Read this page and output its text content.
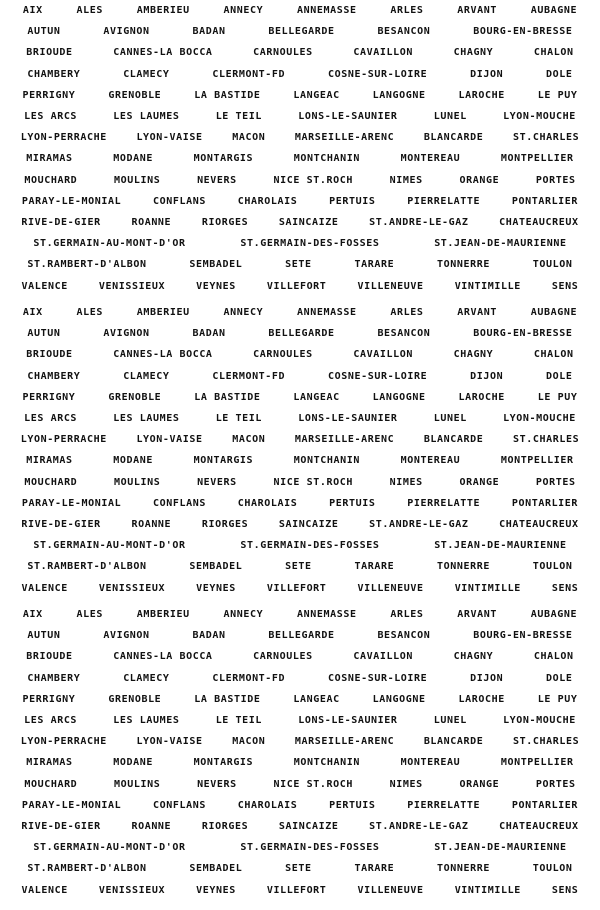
AIX	ALES	AMBERIEU	ANNECY	ANNEMASSE	ARLES	ARVANT	AUBAGNE
AUTUN	AVIGNON	BADAN	BELLEGARDE	BESANCON	BOURG-EN-BRESSE
BRIOUDE	CANNES-LA BOCCA	CARNOULES	CAVAILLON	CHAGNY	CHALON
CHAMBERY	CLAMECY	CLERMONT-FD	COSNE-SUR-LOIRE	DIJON	DOLE
PERRIGNY	GRENOBLE	LA BASTIDE	LANGEAC	LANGOGNE	LAROCHE	LE PUY
LES ARCS	LES LAUMES	LE TEIL	LONS-LE-SAUNIER	LUNEL	LYON-MOUCHE
LYON-PERRACHE	LYON-VAISE	MACON	MARSEILLE-ARENC	BLANCARDE	ST.CHARLES
MIRAMAS	MODANE	MONTARGIS	MONTCHANIN	MONTEREAU	MONTPELLIER
MOUCHARD	MOULINS	NEVERS	NICE ST.ROCH	NIMES	ORANGE	PORTES
PARAY-LE-MONIAL	CONFLANS	CHAROLAIS	PERTUIS	PIERRELATTE	PONTARLIER
RIVE-DE-GIER	ROANNE	RIORGES	SAINCAIZE	ST.ANDRE-LE-GAZ	CHATEAUCREUX
ST.GERMAIN-AU-MONT-D'OR	ST.GERMAIN-DES-FOSSES	ST.JEAN-DE-MAURIENNE
ST.RAMBERT-D'ALBON	SEMBADEL	SETE	TARARE	TONNERRE	TOULON
VALENCE	VENISSIEUX	VEYNES	VILLEFORT	VILLENEUVE	VINTIMILLE	SENS
AIX	ALES	AMBERIEU	ANNECY	ANNEMASSE	ARLES	ARVANT	AUBAGNE
AUTUN	AVIGNON	BADAN	BELLEGARDE	BESANCON	BOURG-EN-BRESSE
BRIOUDE	CANNES-LA BOCCA	CARNOULES	CAVAILLON	CHAGNY	CHALON
CHAMBERY	CLAMECY	CLERMONT-FD	COSNE-SUR-LOIRE	DIJON	DOLE
PERRIGNY	GRENOBLE	LA BASTIDE	LANGEAC	LANGOGNE	LAROCHE	LE PUY
LES ARCS	LES LAUMES	LE TEIL	LONS-LE-SAUNIER	LUNEL	LYON-MOUCHE
LYON-PERRACHE	LYON-VAISE	MACON	MARSEILLE-ARENC	BLANCARDE	ST.CHARLES
MIRAMAS	MODANE	MONTARGIS	MONTCHANIN	MONTEREAU	MONTPELLIER
MOUCHARD	MOULINS	NEVERS	NICE ST.ROCH	NIMES	ORANGE	PORTES
PARAY-LE-MONIAL	CONFLANS	CHAROLAIS	PERTUIS	PIERRELATTE	PONTARLIER
RIVE-DE-GIER	ROANNE	RIORGES	SAINCAIZE	ST.ANDRE-LE-GAZ	CHATEAUCREUX
ST.GERMAIN-AU-MONT-D'OR	ST.GERMAIN-DES-FOSSES	ST.JEAN-DE-MAURIENNE
ST.RAMBERT-D'ALBON	SEMBADEL	SETE	TARARE	TONNERRE	TOULON
VALENCE	VENISSIEUX	VEYNES	VILLEFORT	VILLENEUVE	VINTIMILLE	SENS
AIX	ALES	AMBERIEU	ANNECY	ANNEMASSE	ARLES	ARVANT	AUBAGNE
AUTUN	AVIGNON	BADAN	BELLEGARDE	BESANCON	BOURG-EN-BRESSE
BRIOUDE	CANNES-LA BOCCA	CARNOULES	CAVAILLON	CHAGNY	CHALON
CHAMBERY	CLAMECY	CLERMONT-FD	COSNE-SUR-LOIRE	DIJON	DOLE
PERRIGNY	GRENOBLE	LA BASTIDE	LANGEAC	LANGOGNE	LAROCHE	LE PUY
LES ARCS	LES LAUMES	LE TEIL	LONS-LE-SAUNIER	LUNEL	LYON-MOUCHE
LYON-PERRACHE	LYON-VAISE	MACON	MARSEILLE-ARENC	BLANCARDE	ST.CHARLES
MIRAMAS	MODANE	MONTARGIS	MONTCHANIN	MONTEREAU	MONTPELLIER
MOUCHARD	MOULINS	NEVERS	NICE ST.ROCH	NIMES	ORANGE	PORTES
PARAY-LE-MONIAL	CONFLANS	CHAROLAIS	PERTUIS	PIERRELATTE	PONTARLIER
RIVE-DE-GIER	ROANNE	RIORGES	SAINCAIZE	ST.ANDRE-LE-GAZ	CHATEAUCREUX
ST.GERMAIN-AU-MONT-D'OR	ST.GERMAIN-DES-FOSSES	ST.JEAN-DE-MAURIENNE
ST.RAMBERT-D'ALBON	SEMBADEL	SETE	TARARE	TONNERRE	TOULON
VALENCE	VENISSIEUX	VEYNES	VILLEFORT	VILLENEUVE	VINTIMILLE	SENS
